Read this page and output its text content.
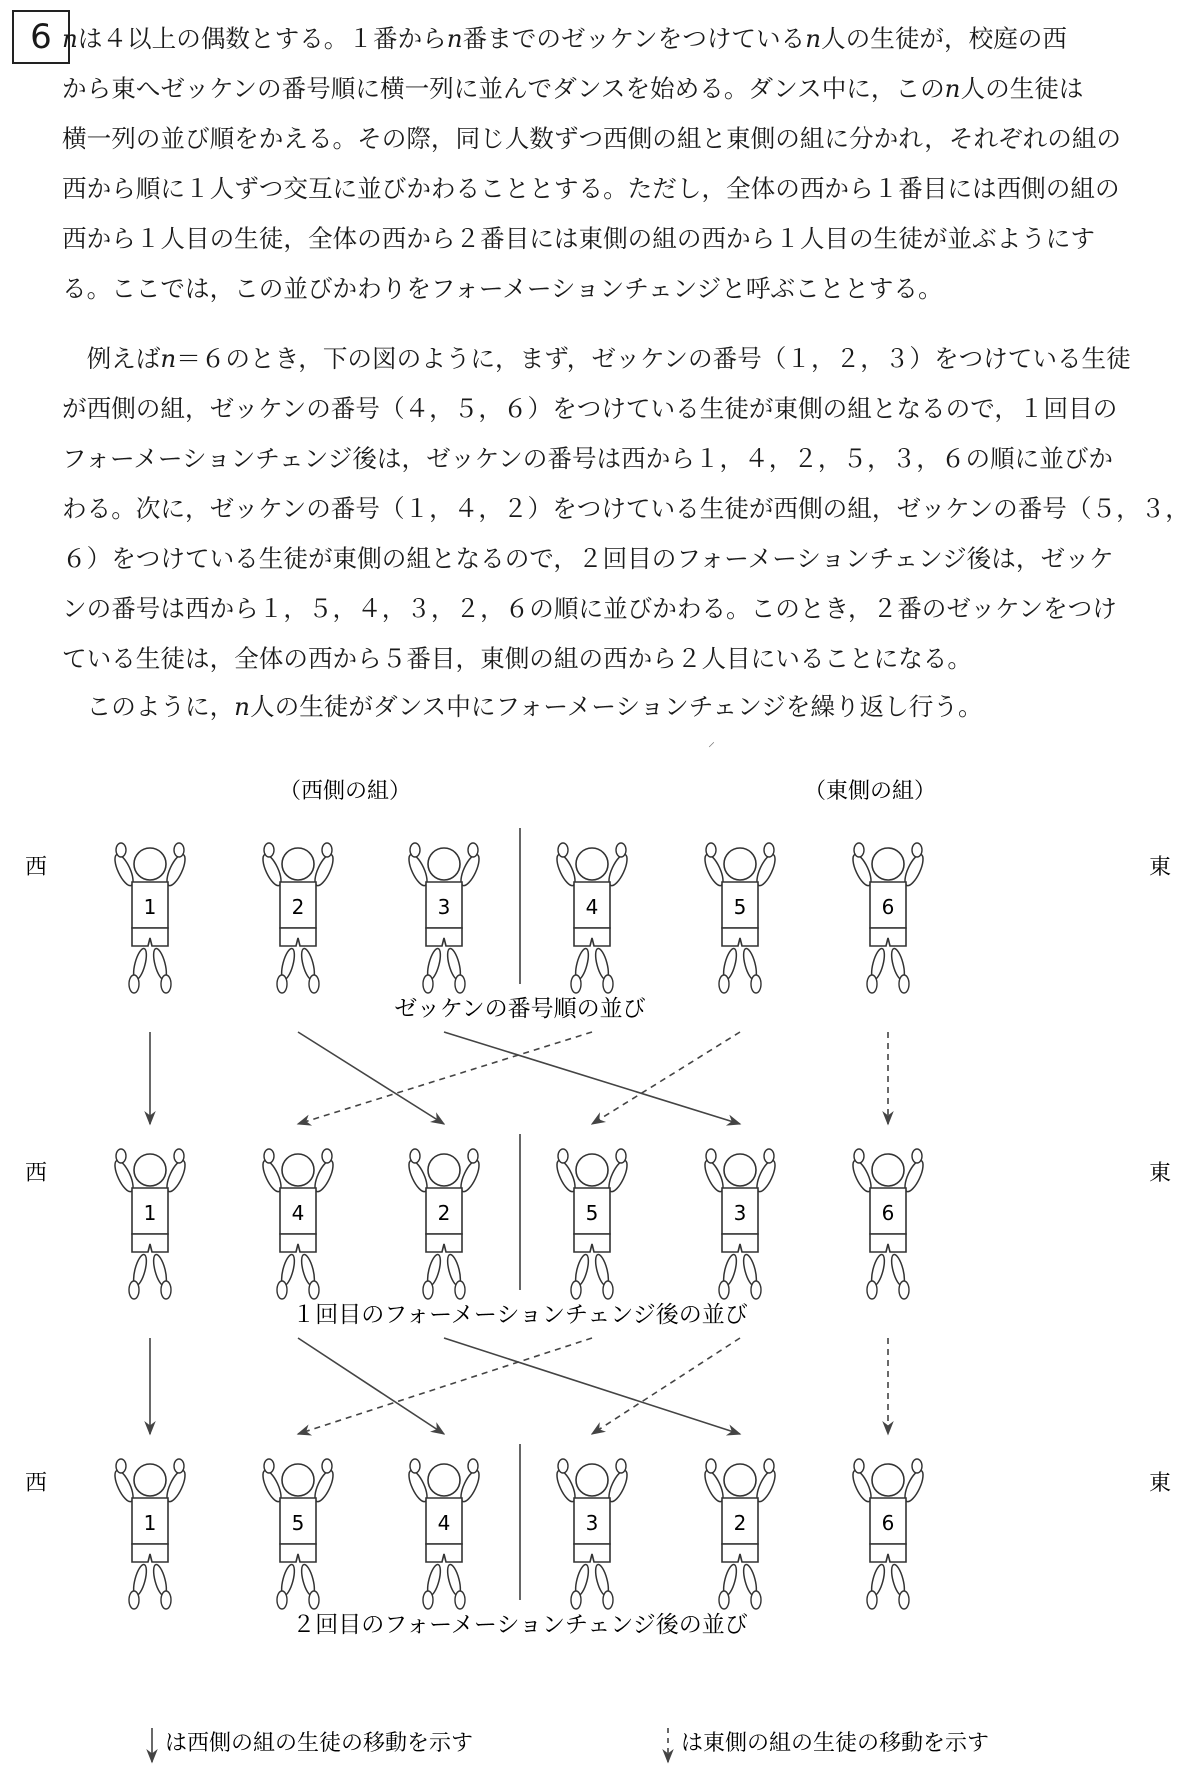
6 nは４以上の偶数とする。１番からn番までのゼッケンをつけているn人の生徒が，校庭の西
から東へゼッケンの番号順に横一列に並んでダンスを始める。ダンス中に，このn人の生徒は
横一列の並び順をかえる。その際，同じ人数ずつ西側の組と東側の組に分かれ，それぞれの組の
西から順に１人ずつ交互に並びかわることとする。ただし，全体の西から１番目には西側の組の
西から１人目の生徒，全体の西から２番目には東側の組の西から１人目の生徒が並ぶようにす
る。ここでは，この並びかわりをフォーメーションチェンジと呼ぶこととする。
例えばn＝６のとき，下の図のように，まず，ゼッケンの番号（１，２，３）をつけている生徒
が西側の組，ゼッケンの番号（４，５，６）をつけている生徒が東側の組となるので，１回目の
フォーメーションチェンジ後は，ゼッケンの番号は西から１，４，２，５，３，６の順に並びか
わる。次に，ゼッケンの番号（１，４，２）をつけている生徒が西側の組，ゼッケンの番号（５，３，
６）をつけている生徒が東側の組となるので，２回目のフォーメーションチェンジ後は，ゼッケ
ンの番号は西から１，５，４，３，２，６の順に並びかわる。このとき，２番のゼッケンをつけ
ている生徒は，全体の西から５番目，東側の組の西から２人目にいることになる。
このように，n人の生徒がダンス中にフォーメーションチェンジを繰り返し行う。
⸍
（西側の組）	（東側の組）
西	東
1	2	3	4	5	6
ゼッケンの番号順の並び
西	東
1	4	2	5	3	6
１回目のフォーメーションチェンジ後の並び
西	東
1	5	4	3	2	6
２回目のフォーメーションチェンジ後の並び
は西側の組の生徒の移動を示す	は東側の組の生徒の移動を示す
